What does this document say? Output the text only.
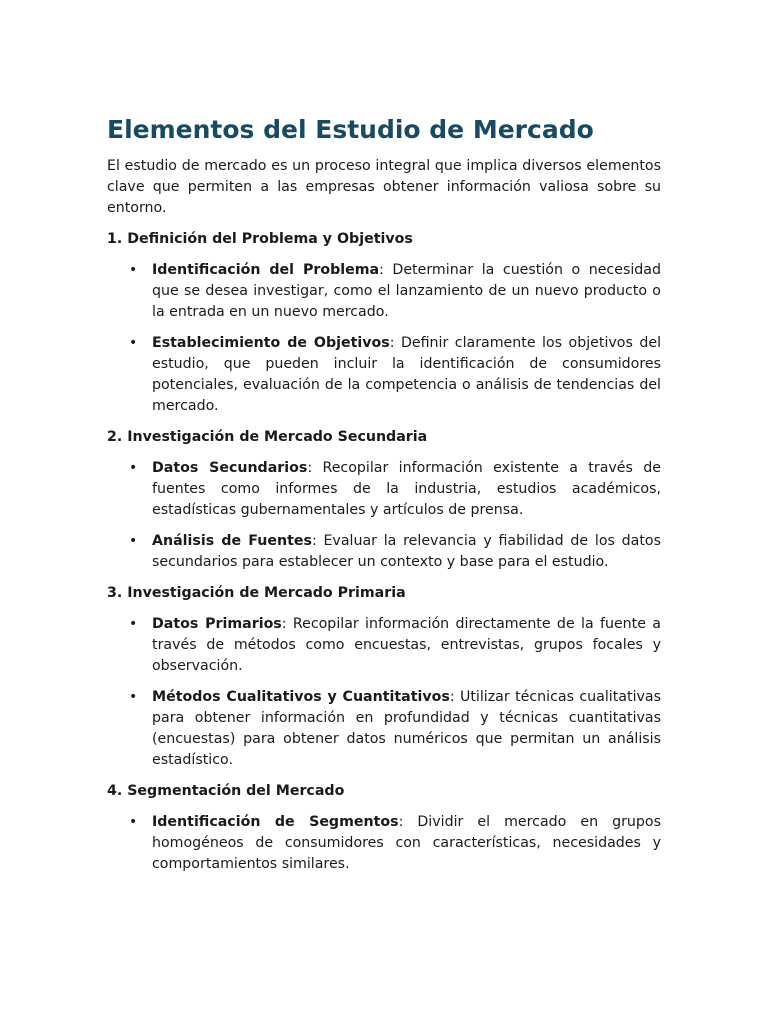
Elementos del Estudio de Mercado

El estudio de mercado es un proceso integral que implica diversos elementos clave que permiten a las empresas obtener información valiosa sobre su entorno.

1. Definición del Problema y Objetivos

• Identificación del Problema: Determinar la cuestión o necesidad que se desea investigar, como el lanzamiento de un nuevo producto o la entrada en un nuevo mercado.
• Establecimiento de Objetivos: Definir claramente los objetivos del estudio, que pueden incluir la identificación de consumidores potenciales, evaluación de la competencia o análisis de tendencias del mercado.

2. Investigación de Mercado Secundaria

• Datos Secundarios: Recopilar información existente a través de fuentes como informes de la industria, estudios académicos, estadísticas gubernamentales y artículos de prensa.
• Análisis de Fuentes: Evaluar la relevancia y fiabilidad de los datos secundarios para establecer un contexto y base para el estudio.

3. Investigación de Mercado Primaria

• Datos Primarios: Recopilar información directamente de la fuente a través de métodos como encuestas, entrevistas, grupos focales y observación.
• Métodos Cualitativos y Cuantitativos: Utilizar técnicas cualitativas para obtener información en profundidad y técnicas cuantitativas (encuestas) para obtener datos numéricos que permitan un análisis estadístico.

4. Segmentación del Mercado

• Identificación de Segmentos: Dividir el mercado en grupos homogéneos de consumidores con características, necesidades y comportamientos similares.
